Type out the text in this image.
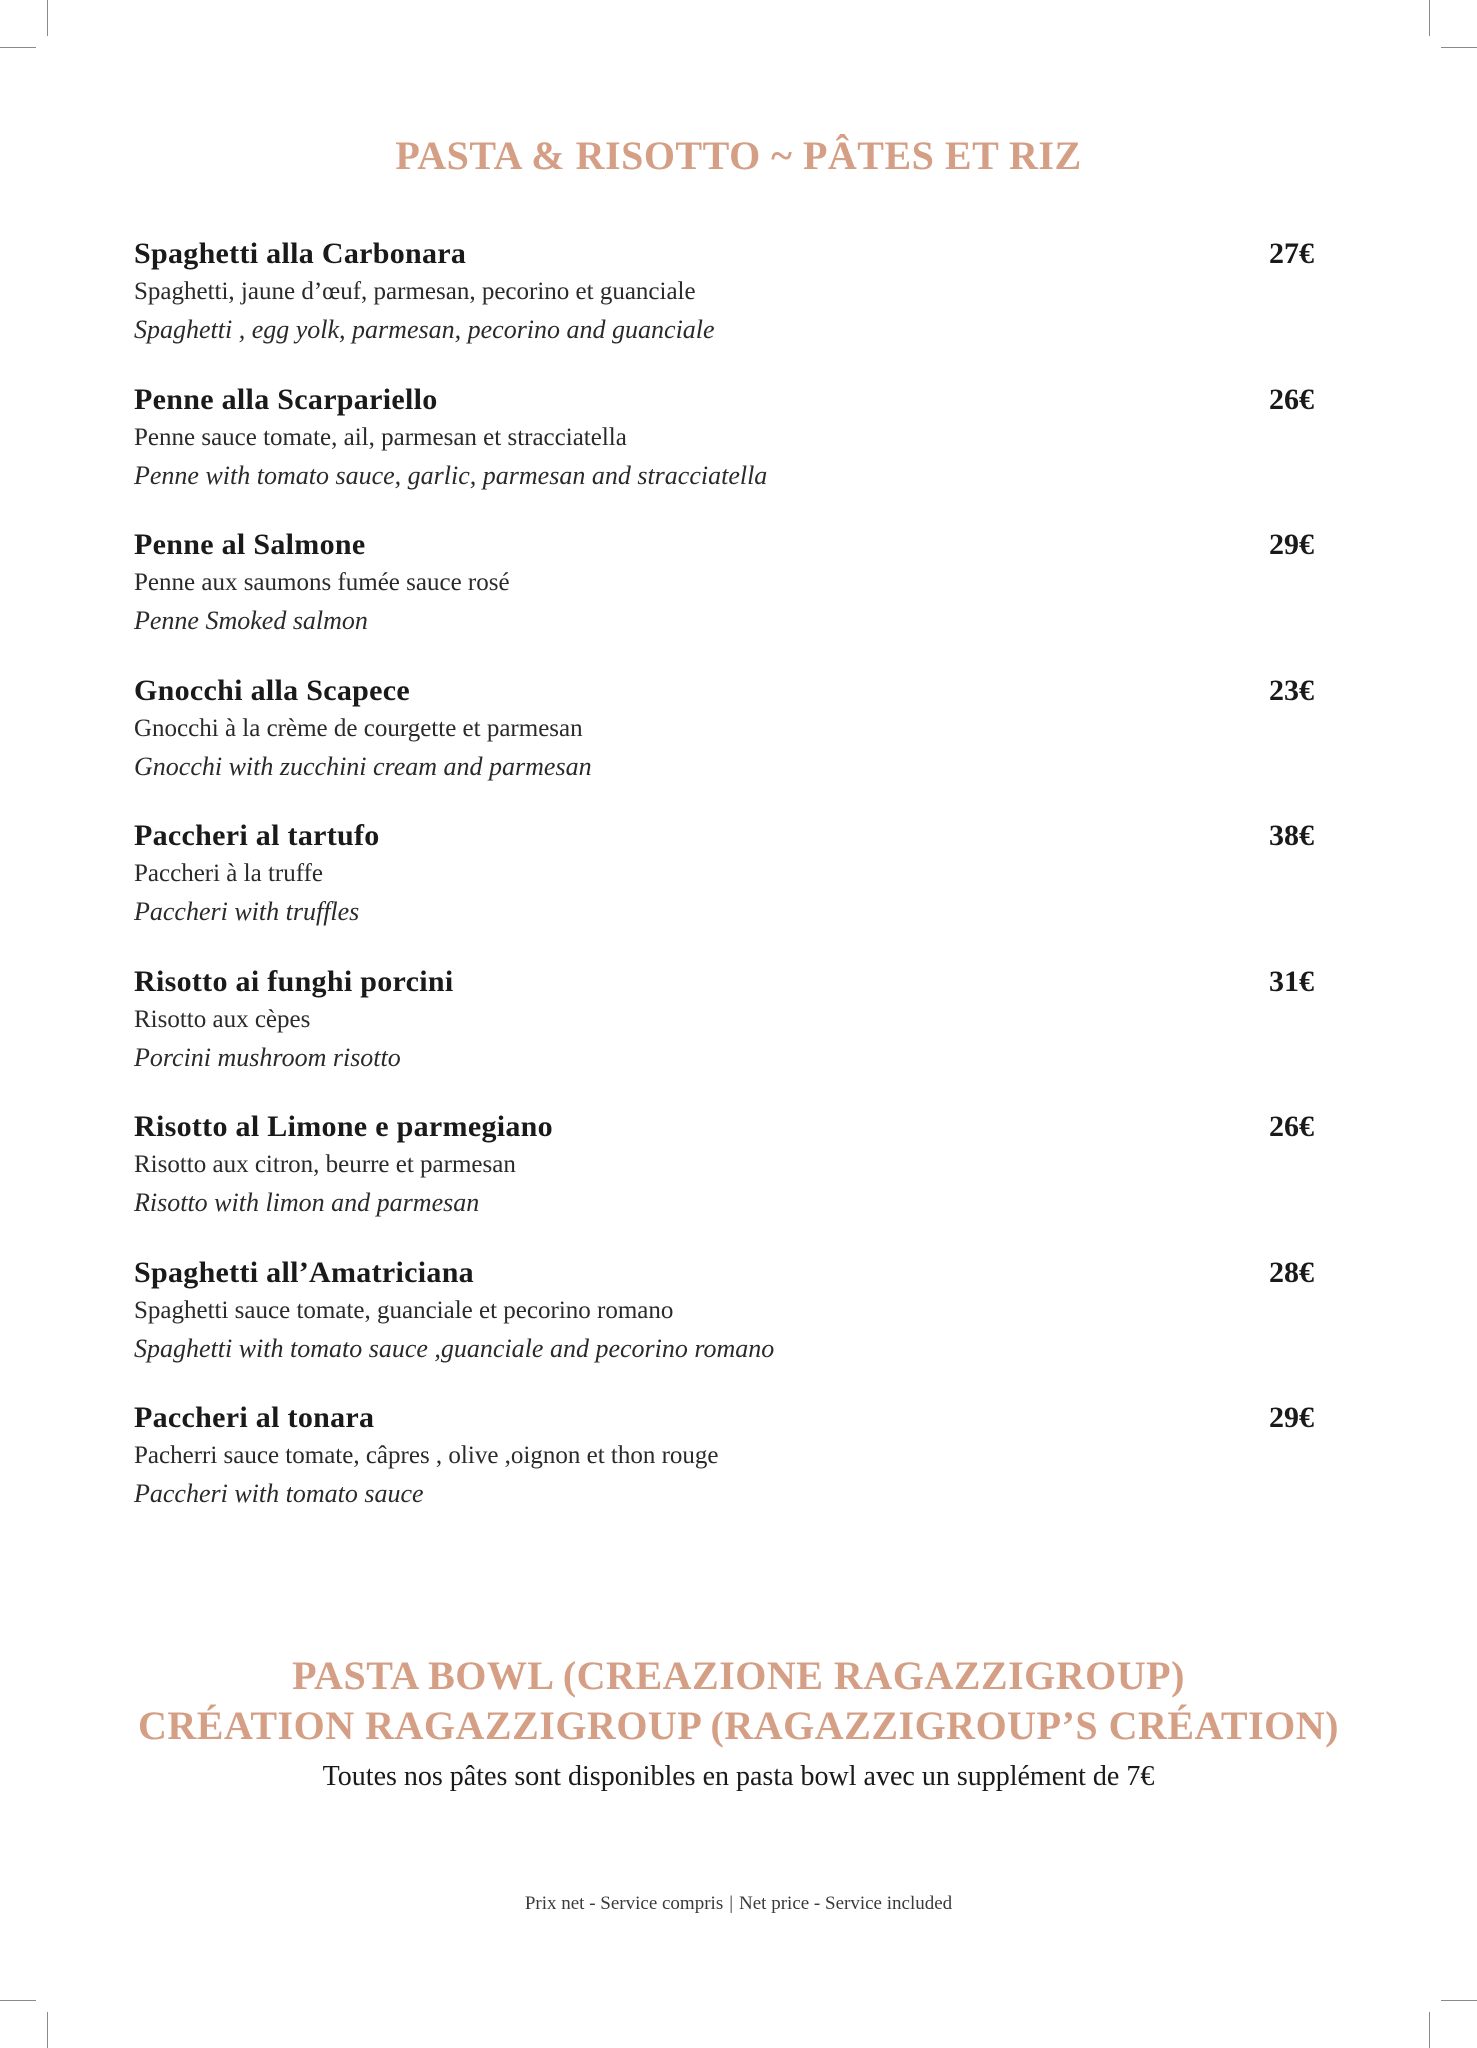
PASTA & RISOTTO ~ PÂTES ET RIZ
Spaghetti alla Carbonara	27€
Spaghetti, jaune d’œuf, parmesan, pecorino et guanciale
Spaghetti , egg yolk, parmesan, pecorino and guanciale
Penne alla Scarpariello	26€
Penne sauce tomate, ail, parmesan et stracciatella
Penne with tomato sauce, garlic, parmesan and stracciatella
Penne al Salmone	29€
Penne aux saumons fumée sauce rosé
Penne Smoked salmon
Gnocchi alla Scapece	23€
Gnocchi à la crème de courgette et parmesan
Gnocchi with zucchini cream and parmesan
Paccheri al tartufo	38€
Paccheri à la truffe
Paccheri with truffles
Risotto ai funghi porcini	31€
Risotto aux cèpes
Porcini mushroom risotto
Risotto al Limone e parmegiano	26€
Risotto aux citron, beurre et parmesan
Risotto with limon and parmesan
Spaghetti all’Amatriciana	28€
Spaghetti sauce tomate, guanciale et pecorino romano
Spaghetti with tomato sauce ,guanciale and pecorino romano
Paccheri al tonara	29€
Pacherri sauce tomate, câpres , olive ,oignon et thon rouge
Paccheri with tomato sauce
PASTA BOWL (CREAZIONE RAGAZZIGROUP)
CRÉATION RAGAZZIGROUP (RAGAZZIGROUP’S CRÉATION)

Toutes nos pâtes sont disponibles en pasta bowl avec un supplément de 7€

Prix net - Service compris | Net price - Service included
